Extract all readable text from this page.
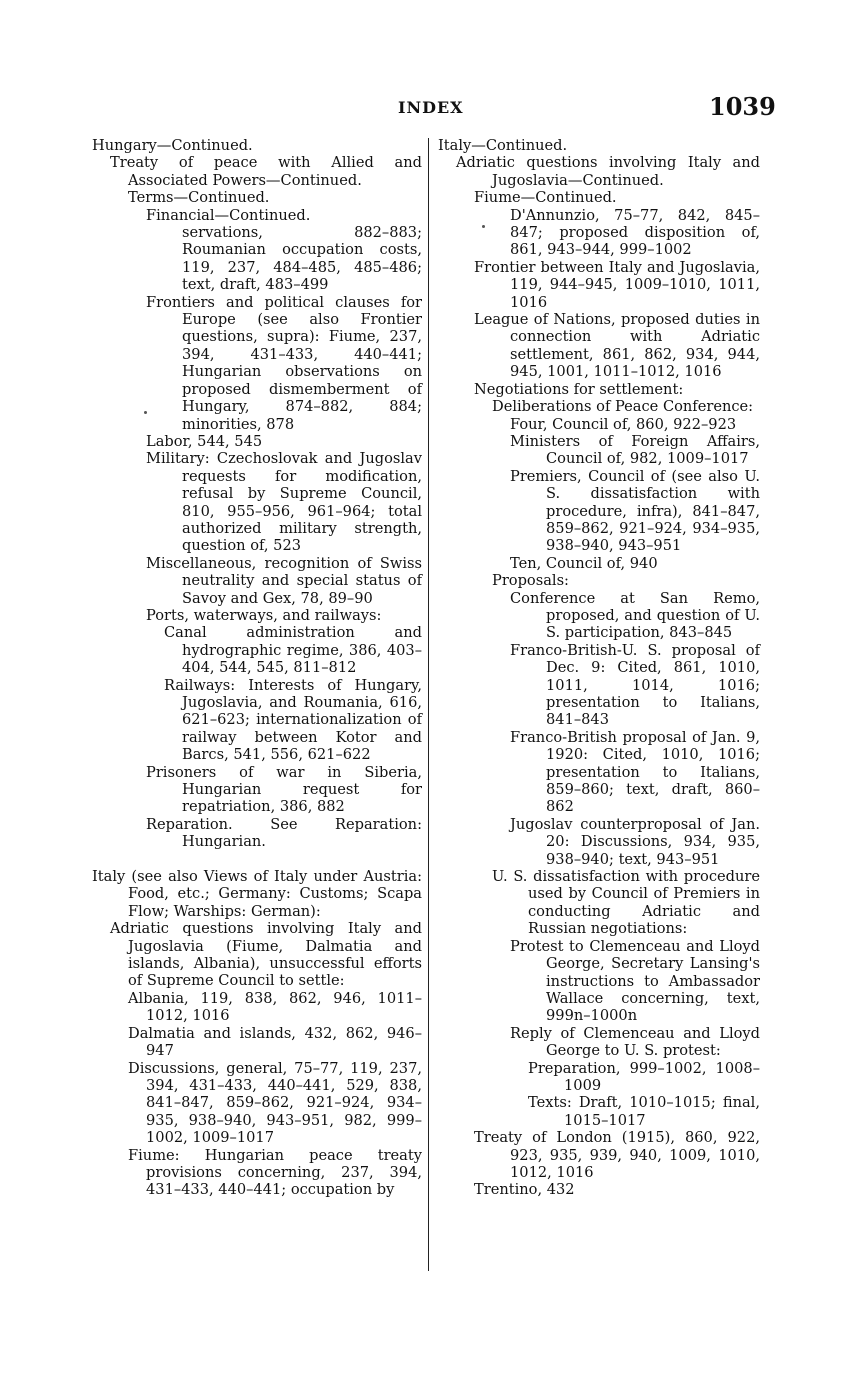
INDEX	1039
Hungary—Continued.
Treaty of peace with Allied and Associated Powers—Continued.
Terms—Continued.
Financial—Continued.
servations, 882–883; Roumanian occupation costs, 119, 237, 484–485, 485–486; text, draft, 483–499
Frontiers and political clauses for Europe (see also Frontier questions, supra): Fiume, 237, 394, 431–433, 440–441; Hungarian observations on proposed dismemberment of Hungary, 874–882, 884; minorities, 878
Labor, 544, 545
Military: Czechoslovak and Jugoslav requests for modification, refusal by Supreme Council, 810, 955–956, 961–964; total authorized military strength, question of, 523
Miscellaneous, recognition of Swiss neutrality and special status of Savoy and Gex, 78, 89–90
Ports, waterways, and railways:
Canal administration and hydrographic regime, 386, 403–404, 544, 545, 811–812
Railways: Interests of Hungary, Jugoslavia, and Roumania, 616, 621–623; internationalization of railway between Kotor and Barcs, 541, 556, 621–622
Prisoners of war in Siberia, Hungarian request for repatriation, 386, 882
Reparation. See Reparation: Hungarian.
Italy (see also Views of Italy under Austria: Food, etc.; Germany: Customs; Scapa Flow; Warships: German):
Adriatic questions involving Italy and Jugoslavia (Fiume, Dalmatia and islands, Albania), unsuccessful efforts of Supreme Council to settle:
Albania, 119, 838, 862, 946, 1011–1012, 1016
Dalmatia and islands, 432, 862, 946–947
Discussions, general, 75–77, 119, 237, 394, 431–433, 440–441, 529, 838, 841–847, 859–862, 921–924, 934–935, 938–940, 943–951, 982, 999–1002, 1009–1017
Fiume: Hungarian peace treaty provisions concerning, 237, 394, 431–433, 440–441; occupation by
Italy—Continued.
Adriatic questions involving Italy and Jugoslavia—Continued.
Fiume—Continued.
D'Annunzio, 75–77, 842, 845–847; proposed disposition of, 861, 943–944, 999–1002
Frontier between Italy and Jugoslavia, 119, 944–945, 1009–1010, 1011, 1016
League of Nations, proposed duties in connection with Adriatic settlement, 861, 862, 934, 944, 945, 1001, 1011–1012, 1016
Negotiations for settlement:
Deliberations of Peace Conference:
Four, Council of, 860, 922–923
Ministers of Foreign Affairs, Council of, 982, 1009–1017
Premiers, Council of (see also U. S. dissatisfaction with procedure, infra), 841–847, 859–862, 921–924, 934–935, 938–940, 943–951
Ten, Council of, 940
Proposals:
Conference at San Remo, proposed, and question of U. S. participation, 843–845
Franco-British-U. S. proposal of Dec. 9: Cited, 861, 1010, 1011, 1014, 1016; presentation to Italians, 841–843
Franco-British proposal of Jan. 9, 1920: Cited, 1010, 1016; presentation to Italians, 859–860; text, draft, 860–862
Jugoslav counterproposal of Jan. 20: Discussions, 934, 935, 938–940; text, 943–951
U. S. dissatisfaction with procedure used by Council of Premiers in conducting Adriatic and Russian negotiations:
Protest to Clemenceau and Lloyd George, Secretary Lansing's instructions to Ambassador Wallace concerning, text, 999n–1000n
Reply of Clemenceau and Lloyd George to U. S. protest:
Preparation, 999–1002, 1008–1009
Texts: Draft, 1010–1015; final, 1015–1017
Treaty of London (1915), 860, 922, 923, 935, 939, 940, 1009, 1010, 1012, 1016
Trentino, 432
